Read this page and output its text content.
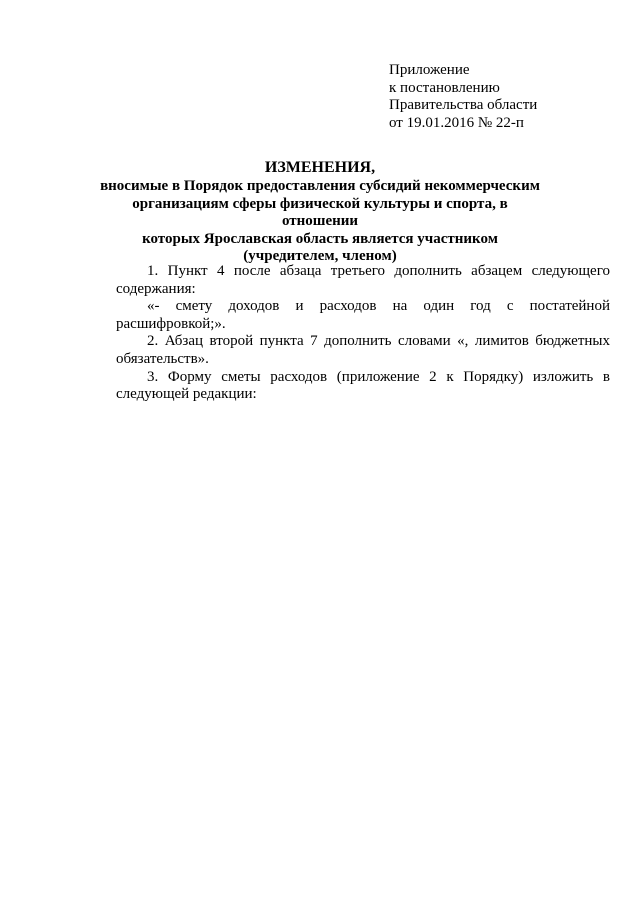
Приложение
к постановлению
Правительства области
от 19.01.2016 № 22-п
ИЗМЕНЕНИЯ,
вносимые в Порядок предоставления субсидий некоммерческим
организациям сферы физической культуры и спорта, в отношении
которых Ярославская область является участником
(учредителем, членом)

1. Пункт 4 после абзаца третьего дополнить абзацем следующего содержания:

«- смету доходов и расходов на один год с постатейной расшифровкой;».

2. Абзац второй пункта 7 дополнить словами «, лимитов бюджетных обязательств».

3. Форму сметы расходов (приложение 2 к Порядку) изложить в следующей редакции:
